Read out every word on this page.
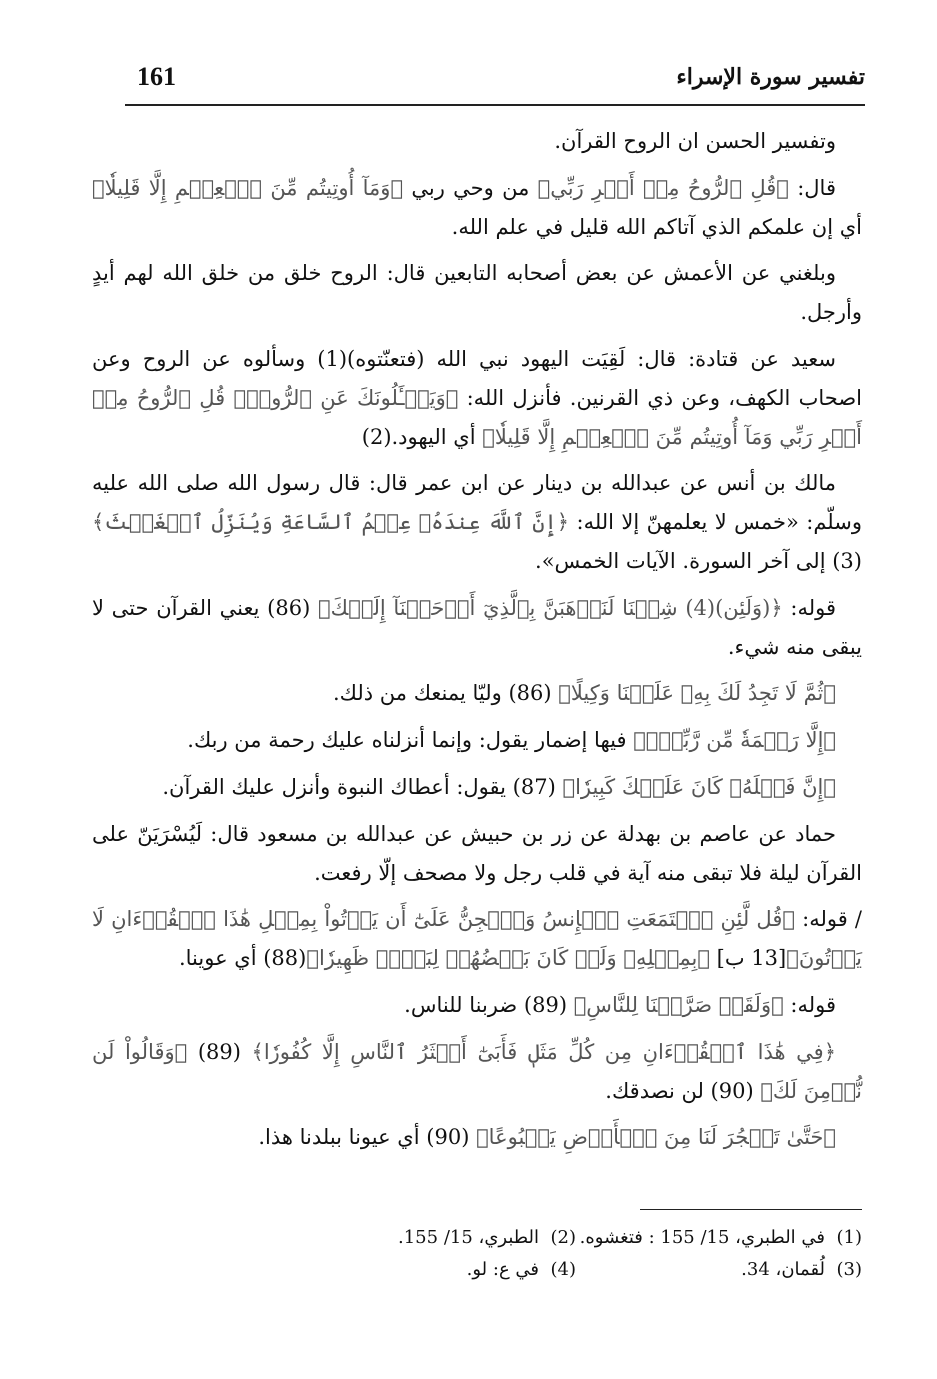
161	تفسير سورة الإسراء

وتفسير الحسن ان الروح القرآن.

قال: ﴿قُلِ ٱلرُّوحُ مِنۡ أَمۡرِ رَبِّي﴾ من وحي ربي ﴿وَمَآ أُوتِيتُم مِّنَ ٱلۡعِلۡمِ إِلَّا قَلِيلٗا﴾ أي إن علمكم الذي آتاكم الله قليل في علم الله.

وبلغني عن الأعمش عن بعض أصحابه التابعين قال: الروح خلق من خلق الله لهم أيدٍ وأرجل.

سعيد عن قتادة: قال: لَقِيَت اليهود نبي الله (فتعنّتوه)(1) وسألوه عن الروح وعن اصحاب الكهف، وعن ذي القرنين. فأنزل الله: ﴿وَيَسۡـَٔلُونَكَ عَنِ ٱلرُّوحِۖ قُلِ ٱلرُّوحُ مِنۡ أَمۡرِ رَبِّي وَمَآ أُوتِيتُم مِّنَ ٱلۡعِلۡمِ إِلَّا قَلِيلٗا﴾ أي اليهود.(2)

مالك بن أنس عن عبدالله بن دينار عن ابن عمر قال: قال رسول الله صلى الله عليه وسلّم: «خمس لا يعلمهنّ إلا الله: ﴿إِنَّ ٱللَّهَ عِندَهُۥ عِلۡمُ ٱلسَّاعَةِ وَيُنَزِّلُ ٱلۡغَيۡثَ﴾(3) إلى آخر السورة. الآيات الخمس».

قوله: ﴿(وَلَئِن)(4) شِئۡنَا لَنَذۡهَبَنَّ بِٱلَّذِيٓ أَوۡحَيۡنَآ إِلَيۡكَ﴾ (86) يعني القرآن حتى لا يبقى منه شيء.

﴿ثُمَّ لَا تَجِدُ لَكَ بِهِۦ عَلَيۡنَا وَكِيلًا﴾ (86) وليّا يمنعك من ذلك.

﴿إِلَّا رَحۡمَةٗ مِّن رَّبِّكَۚ﴾ فيها إضمار يقول: وإنما أنزلناه عليك رحمة من ربك.

﴿إِنَّ فَضۡلَهُۥ كَانَ عَلَيۡكَ كَبِيرٗا﴾ (87) يقول: أعطاك النبوة وأنزل عليك القرآن.

حماد عن عاصم بن بهدلة عن زر بن حبيش عن عبدالله بن مسعود قال: لَيُسْرَيَنّ على القرآن ليلة فلا تبقى منه آية في قلب رجل ولا مصحف إلّا رفعت.

/ قوله: ﴿قُل لَّئِنِ ٱجۡتَمَعَتِ ٱلۡإِنسُ وَٱلۡجِنُّ عَلَىٰٓ أَن يَأۡتُواْ بِمِثۡلِ هَٰذَا ٱلۡقُرۡءَانِ لَا يَأۡتُونَ﴾[13 ب] ﴿بِمِثۡلِهِۦ وَلَوۡ كَانَ بَعۡضُهُمۡ لِبَعۡضٖ ظَهِيرٗا﴾(88) أي عوينا.

قوله: ﴿وَلَقَدۡ صَرَّفۡنَا لِلنَّاسِ﴾ (89) ضربنا للناس.

﴿فِي هَٰذَا ٱلۡقُرۡءَانِ مِن كُلِّ مَثَلٖ فَأَبَىٰٓ أَكۡثَرُ ٱلنَّاسِ إِلَّا كُفُورٗا﴾ (89) ﴿وَقَالُواْ لَن نُّؤۡمِنَ لَكَ﴾ (90) لن نصدقك.

﴿حَتَّىٰ تَفۡجُرَ لَنَا مِنَ ٱلۡأَرۡضِ يَنۢبُوعًا﴾ (90) أي عيونا ببلدنا هذا.

(1)  في الطبري، 15/ 155 : فتغشوه.
(2)  الطبري، 15/ 155.
(3)  لُقمان، 34.
(4)  في ع: لو.
